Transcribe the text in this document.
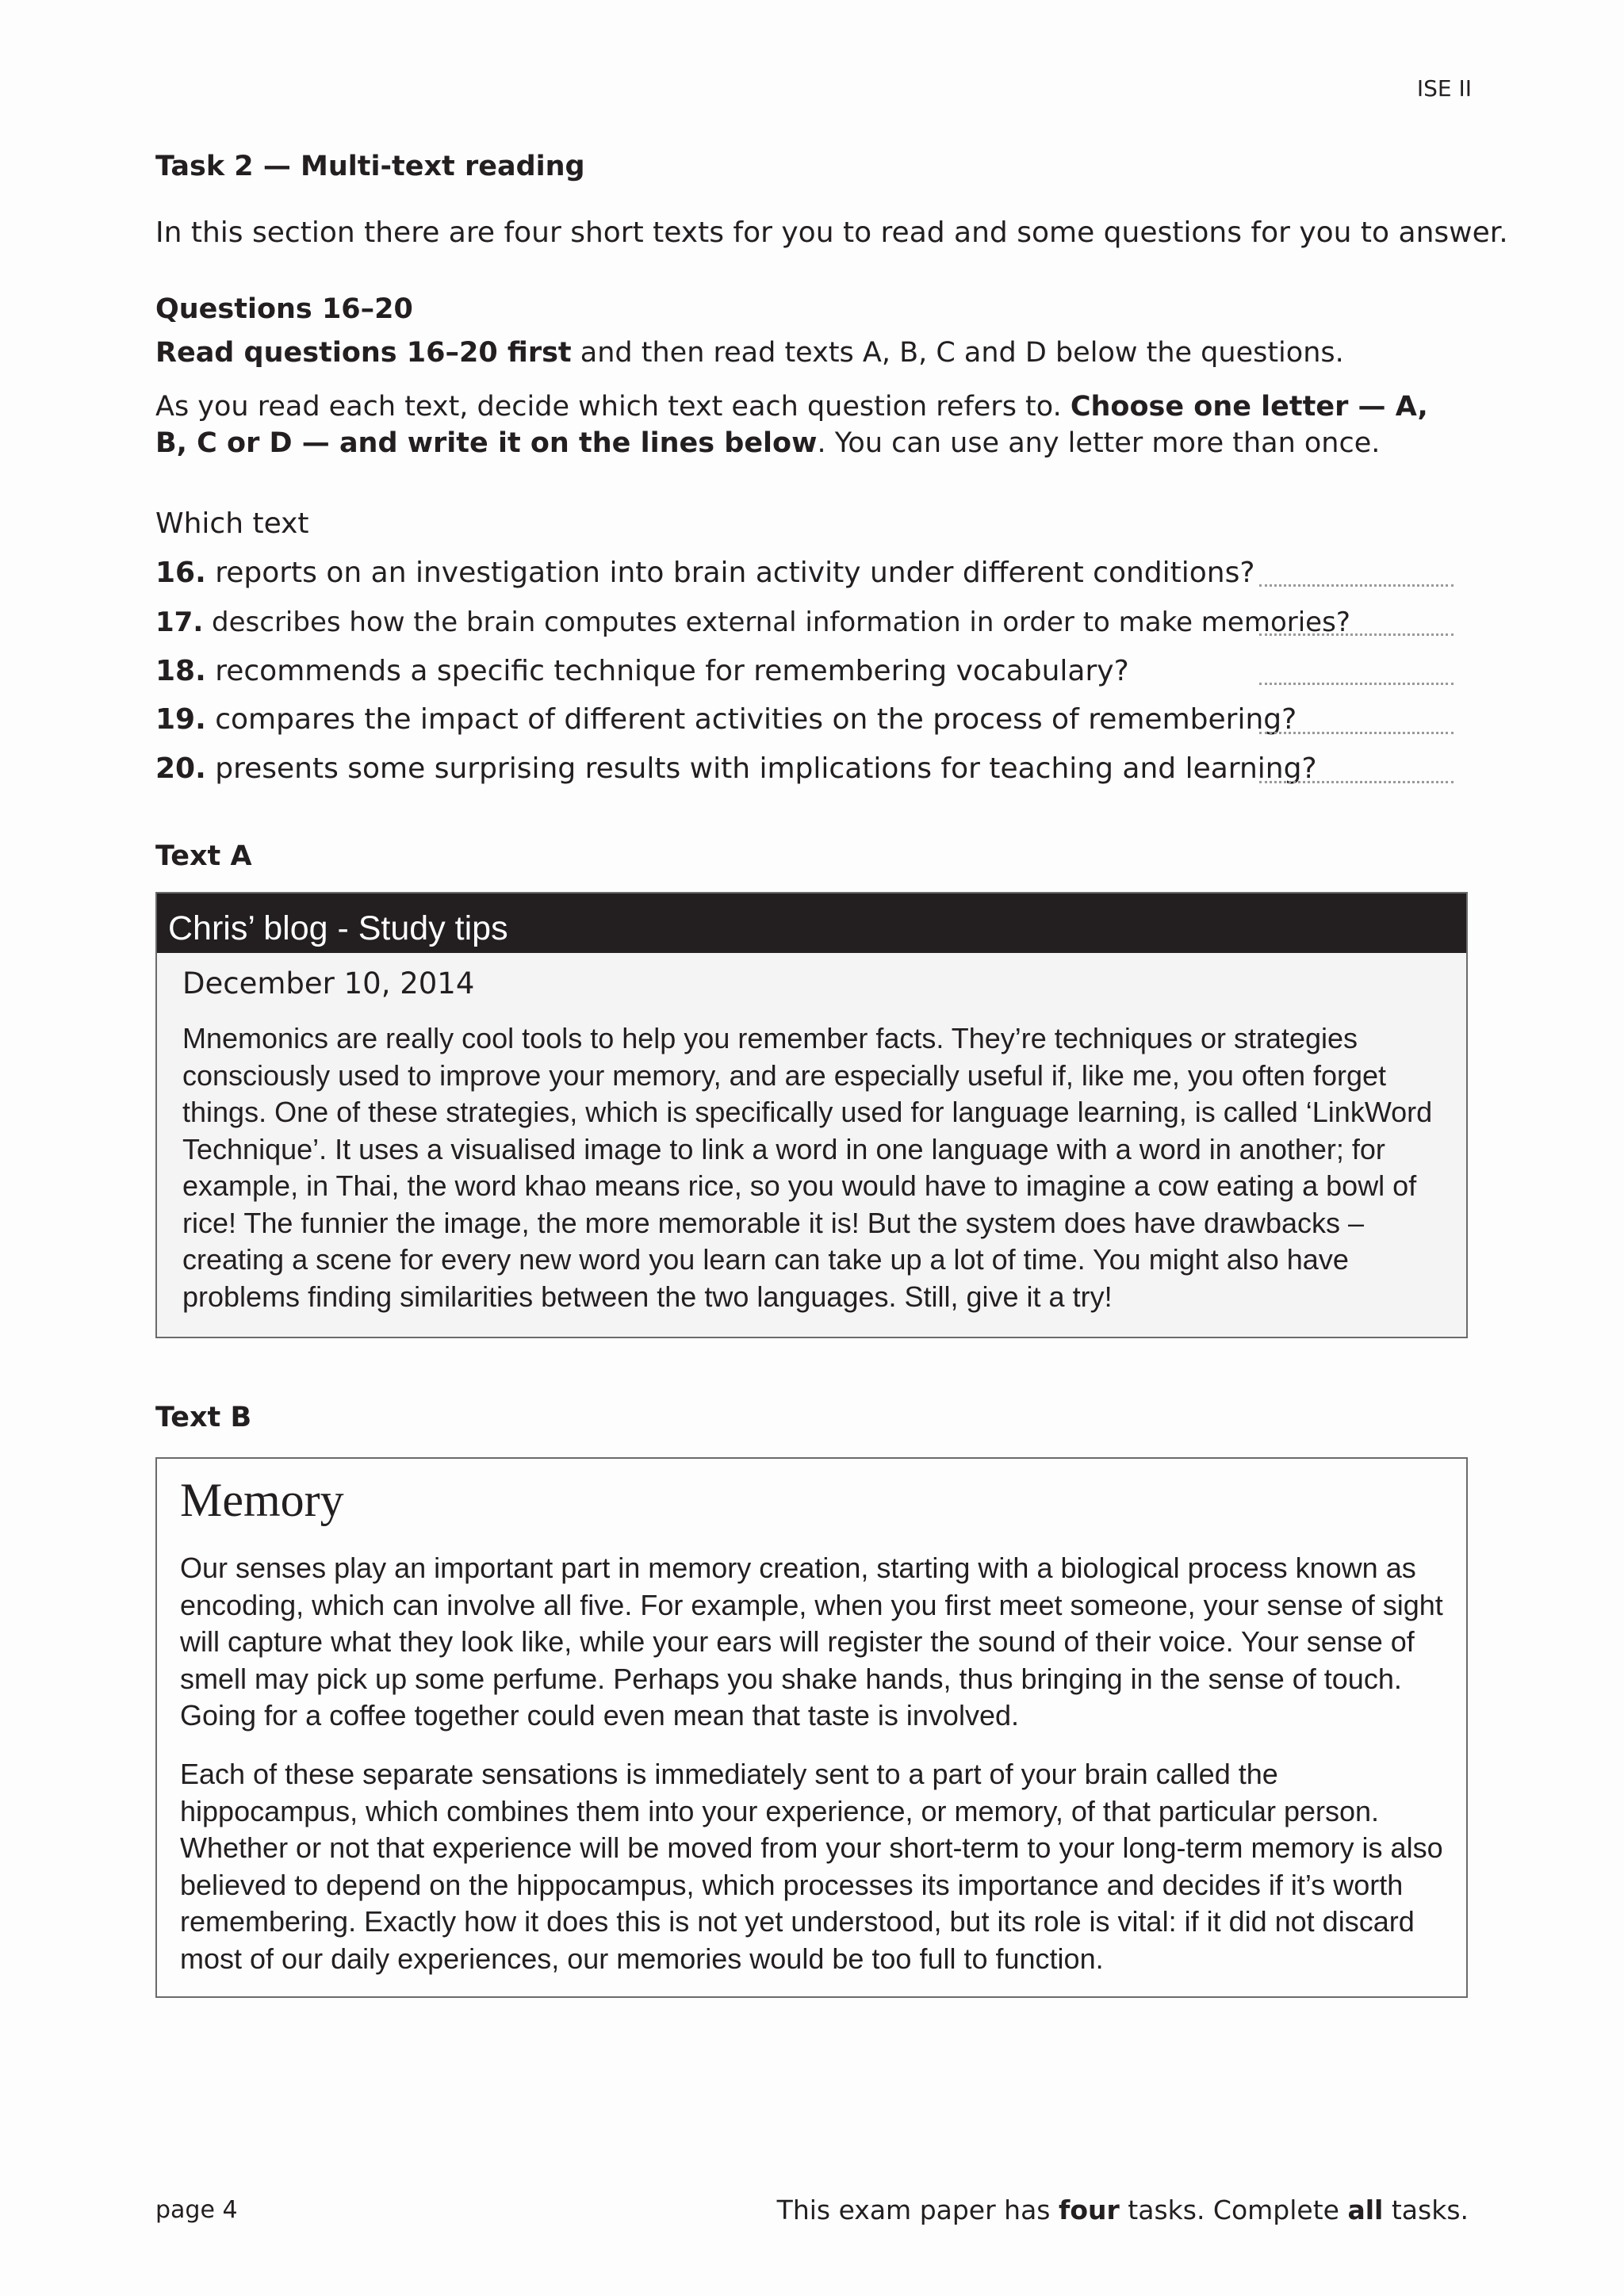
ISE II
Task 2 — Multi-text reading
In this section there are four short texts for you to read and some questions for you to answer.
Questions 16–20
Read questions 16–20 first and then read texts A, B, C and D below the questions.
As you read each text, decide which text each question refers to. Choose one letter — A, B, C or D — and write it on the lines below. You can use any letter more than once.
Which text
16. reports on an investigation into brain activity under different conditions?
17. describes how the brain computes external information in order to make memories?
18. recommends a specific technique for remembering vocabulary?
19. compares the impact of different activities on the process of remembering?
20. presents some surprising results with implications for teaching and learning?
Text A
Chris’ blog - Study tips
December 10, 2014
Mnemonics are really cool tools to help you remember facts. They’re techniques or strategies consciously used to improve your memory, and are especially useful if, like me, you often forget things. One of these strategies, which is specifically used for language learning, is called ‘LinkWord Technique’. It uses a visualised image to link a word in one language with a word in another; for example, in Thai, the word khao means rice, so you would have to imagine a cow eating a bowl of rice! The funnier the image, the more memorable it is! But the system does have drawbacks – creating a scene for every new word you learn can take up a lot of time. You might also have problems finding similarities between the two languages. Still, give it a try!
Text B
Memory
Our senses play an important part in memory creation, starting with a biological process known as encoding, which can involve all five. For example, when you first meet someone, your sense of sight will capture what they look like, while your ears will register the sound of their voice. Your sense of smell may pick up some perfume. Perhaps you shake hands, thus bringing in the sense of touch. Going for a coffee together could even mean that taste is involved.
Each of these separate sensations is immediately sent to a part of your brain called the hippocampus, which combines them into your experience, or memory, of that particular person. Whether or not that experience will be moved from your short-term to your long-term memory is also believed to depend on the hippocampus, which processes its importance and decides if it’s worth remembering. Exactly how it does this is not yet understood, but its role is vital: if it did not discard most of our daily experiences, our memories would be too full to function.
page 4	This exam paper has four tasks. Complete all tasks.
